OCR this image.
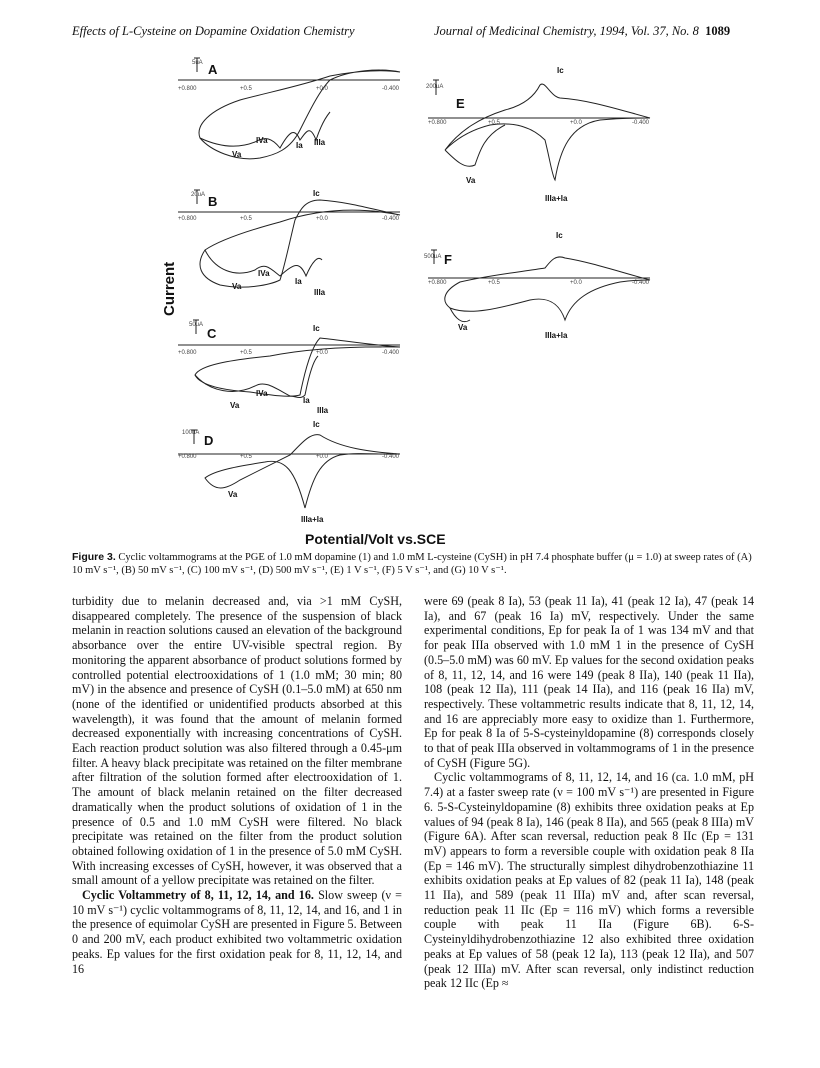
Effects of L-Cysteine on Dopamine Oxidation Chemistry	Journal of Medicinal Chemistry, 1994, Vol. 37, No. 8 1089
5uA
+0.800	+0.5	+0.0	-0.400
20uA
+0.800	+0.5	+0.0	-0.400
50uA
+0.800	+0.5	+0.0	-0.400
100uA
+0.800	+0.5	+0.0	-0.400
200uA
+0.800	+0.5	+0.0	-0.400
500uA
+0.800	+0.5	+0.0	-0.400
A
B
C
D
E
F
Va
IVa
Ia IIIa
Ic
Va
IVa
Ia
IIIa
Ic
Va
IVa
Ia
IIIa
Ic
Va
IIIa+Ia
Ic
Va
IIIa+Ia
Ic
Va
IIIa+Ia
Current
Potential/Volt vs.SCE
Figure 3. Cyclic voltammograms at the PGE of 1.0 mM dopamine (1) and 1.0 mM L-cysteine (CySH) in pH 7.4 phosphate buffer (μ = 1.0) at sweep rates of (A) 10 mV s⁻¹, (B) 50 mV s⁻¹, (C) 100 mV s⁻¹, (D) 500 mV s⁻¹, (E) 1 V s⁻¹, (F) 5 V s⁻¹, and (G) 10 V s⁻¹.

turbidity due to melanin decreased and, via >1 mM CySH, disappeared completely. The presence of the suspension of black melanin in reaction solutions caused an elevation of the background absorbance over the entire UV-visible spectral region. By monitoring the apparent absorbance of product solutions formed by controlled potential electrooxidations of 1 (1.0 mM; 30 min; 80 mV) in the absence and presence of CySH (0.1–5.0 mM) at 650 nm (none of the identified or unidentified products absorbed at this wavelength), it was found that the amount of melanin formed decreased exponentially with increasing concentrations of CySH. Each reaction product solution was also filtered through a 0.45-μm filter. A heavy black precipitate was retained on the filter membrane after filtration of the solution formed after electrooxidation of 1. The amount of black melanin retained on the filter decreased dramatically when the product solutions of oxidation of 1 in the presence of 0.5 and 1.0 mM CySH were filtered. No black precipitate was retained on the filter from the product solution obtained following oxidation of 1 in the presence of 5.0 mM CySH. With increasing excesses of CySH, however, it was observed that a small amount of a yellow precipitate was retained on the filter.

Cyclic Voltammetry of 8, 11, 12, 14, and 16. Slow sweep (ν = 10 mV s⁻¹) cyclic voltammograms of 8, 11, 12, 14, and 16, and 1 in the presence of equimolar CySH are presented in Figure 5. Between 0 and 200 mV, each product exhibited two voltammetric oxidation peaks. Ep values for the first oxidation peak for 8, 11, 12, 14, and 16

were 69 (peak 8 Ia), 53 (peak 11 Ia), 41 (peak 12 Ia), 47 (peak 14 Ia), and 67 (peak 16 Ia) mV, respectively. Under the same experimental conditions, Ep for peak Ia of 1 was 134 mV and that for peak IIIa observed with 1.0 mM 1 in the presence of CySH (0.5–5.0 mM) was 60 mV. Ep values for the second oxidation peaks of 8, 11, 12, 14, and 16 were 149 (peak 8 IIa), 140 (peak 11 IIa), 108 (peak 12 IIa), 111 (peak 14 IIa), and 116 (peak 16 IIa) mV, respectively. These voltammetric results indicate that 8, 11, 12, 14, and 16 are appreciably more easy to oxidize than 1. Furthermore, Ep for peak 8 Ia of 5-S-cysteinyldopamine (8) corresponds closely to that of peak IIIa observed in voltammograms of 1 in the presence of CySH (Figure 5G).

Cyclic voltammograms of 8, 11, 12, 14, and 16 (ca. 1.0 mM, pH 7.4) at a faster sweep rate (ν = 100 mV s⁻¹) are presented in Figure 6. 5-S-Cysteinyldopamine (8) exhibits three oxidation peaks at Ep values of 94 (peak 8 Ia), 146 (peak 8 IIa), and 565 (peak 8 IIIa) mV (Figure 6A). After scan reversal, reduction peak 8 IIc (Ep = 131 mV) appears to form a reversible couple with oxidation peak 8 IIa (Ep = 146 mV). The structurally simplest dihydrobenzothiazine 11 exhibits oxidation peaks at Ep values of 82 (peak 11 Ia), 148 (peak 11 IIa), and 589 (peak 11 IIIa) mV and, after scan reversal, reduction peak 11 IIc (Ep = 116 mV) which forms a reversible couple with peak 11 IIa (Figure 6B). 6-S-Cysteinyldihydrobenzothiazine 12 also exhibited three oxidation peaks at Ep values of 58 (peak 12 Ia), 113 (peak 12 IIa), and 507 (peak 12 IIIa) mV. After scan reversal, only indistinct reduction peak 12 IIc (Ep ≈
